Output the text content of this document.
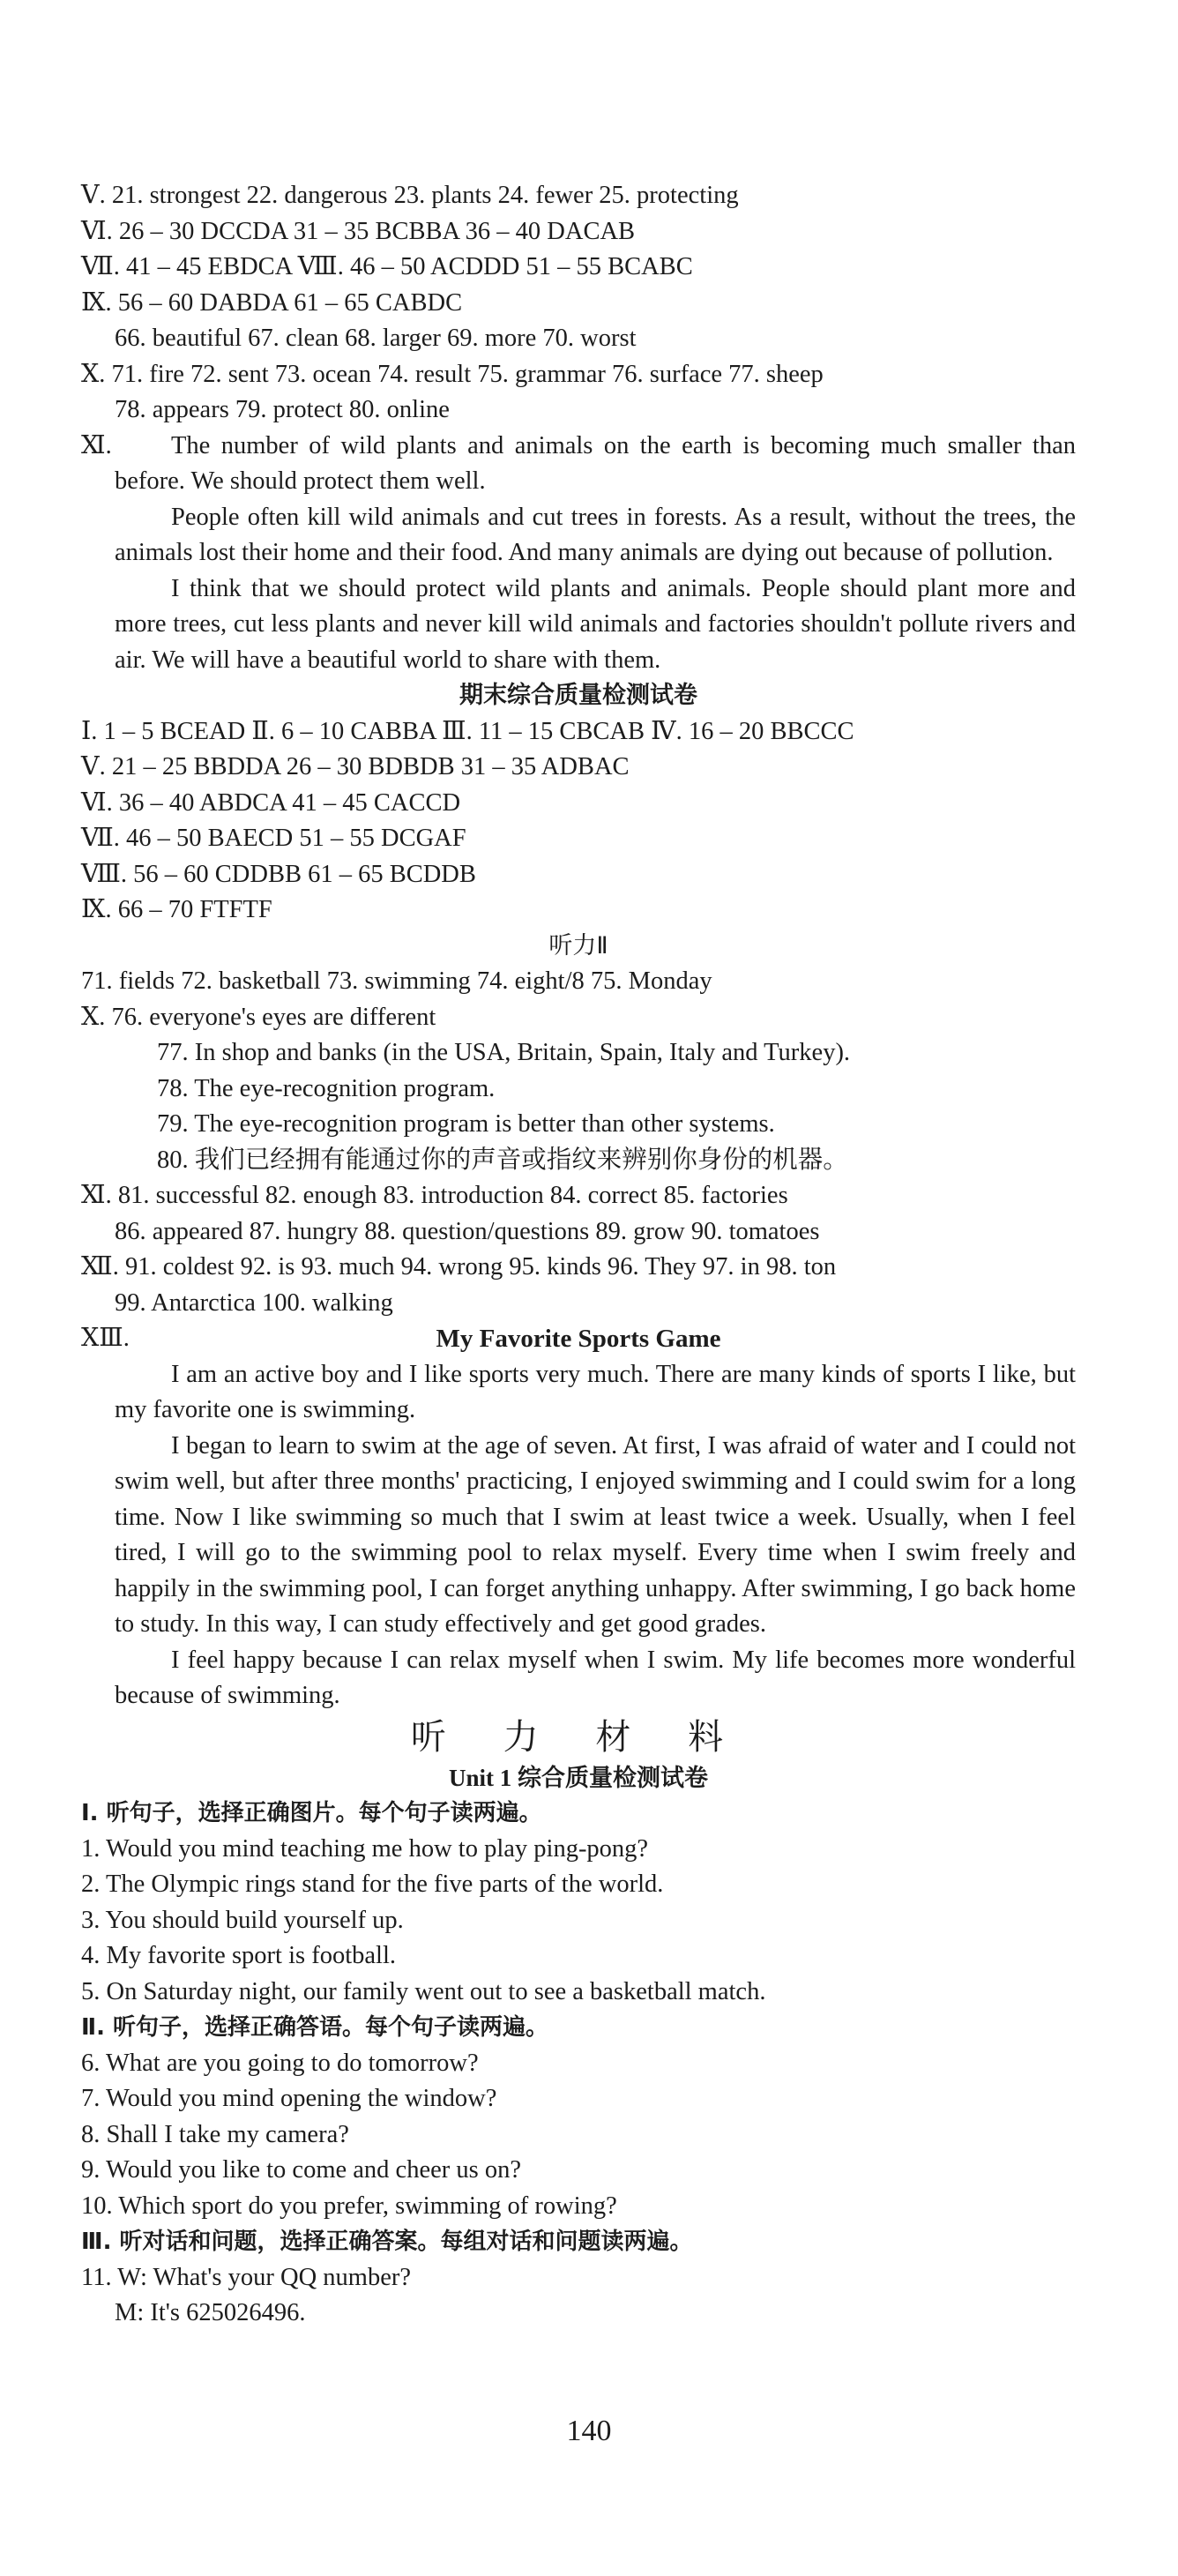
Ⅴ. 21. strongest 22. dangerous 23. plants 24. fewer 25. protecting
Ⅵ. 26 – 30 DCCDA 31 – 35 BCBBA 36 – 40 DACAB
Ⅶ. 41 – 45 EBDCA Ⅷ. 46 – 50 ACDDD 51 – 55 BCABC
Ⅸ. 56 – 60 DABDA 61 – 65 CABDC
66. beautiful 67. clean 68. larger 69. more 70. worst
Ⅹ. 71. fire 72. sent 73. ocean 74. result 75. grammar 76. surface 77. sheep
78. appears 79. protect 80. online
Ⅺ.	The number of wild plants and animals on the earth is becoming much smaller than before. We should protect them well.
People often kill wild animals and cut trees in forests. As a result, without the trees, the animals lost their home and their food. And many animals are dying out because of pollution.
I think that we should protect wild plants and animals. People should plant more and more trees, cut less plants and never kill wild animals and factories shouldn't pollute rivers and air. We will have a beautiful world to share with them.
期末综合质量检测试卷
Ⅰ. 1 – 5 BCEAD Ⅱ. 6 – 10 CABBA Ⅲ. 11 – 15 CBCAB Ⅳ. 16 – 20 BBCCC
Ⅴ. 21 – 25 BBDDA 26 – 30 BDBDB 31 – 35 ADBAC
Ⅵ. 36 – 40 ABDCA 41 – 45 CACCD
Ⅶ. 46 – 50 BAECD 51 – 55 DCGAF
Ⅷ. 56 – 60 CDDBB 61 – 65 BCDDB
Ⅸ. 66 – 70 FTFTF
听力Ⅱ
71. fields 72. basketball 73. swimming 74. eight/8 75. Monday
Ⅹ. 76. everyone's eyes are different
77. In shop and banks (in the USA, Britain, Spain, Italy and Turkey).
78. The eye-recognition program.
79. The eye-recognition program is better than other systems.
80. 我们已经拥有能通过你的声音或指纹来辨别你身份的机器。
Ⅺ. 81. successful 82. enough 83. introduction 84. correct 85. factories
86. appeared 87. hungry 88. question/questions 89. grow 90. tomatoes
Ⅻ. 91. coldest 92. is 93. much 94. wrong 95. kinds 96. They 97. in 98. ton
99. Antarctica 100. walking
ⅩⅢ.	My Favorite Sports Game
I am an active boy and I like sports very much. There are many kinds of sports I like, but my favorite one is swimming.
I began to learn to swim at the age of seven. At first, I was afraid of water and I could not swim well, but after three months' practicing, I enjoyed swimming and I could swim for a long time. Now I like swimming so much that I swim at least twice a week. Usually, when I feel tired, I will go to the swimming pool to relax myself. Every time when I swim freely and happily in the swimming pool, I can forget anything unhappy. After swimming, I go back home to study. In this way, I can study effectively and get good grades.
I feel happy because I can relax myself when I swim. My life becomes more wonderful because of swimming.
听 力 材 料
Unit 1 综合质量检测试卷
Ⅰ. 听句子，选择正确图片。每个句子读两遍。
1. Would you mind teaching me how to play ping-pong?
2. The Olympic rings stand for the five parts of the world.
3. You should build yourself up.
4. My favorite sport is football.
5. On Saturday night, our family went out to see a basketball match.
Ⅱ. 听句子，选择正确答语。每个句子读两遍。
6. What are you going to do tomorrow?
7. Would you mind opening the window?
8. Shall I take my camera?
9. Would you like to come and cheer us on?
10. Which sport do you prefer, swimming of rowing?
Ⅲ. 听对话和问题，选择正确答案。每组对话和问题读两遍。
11. W: What's your QQ number?
M: It's 625026496.
140
